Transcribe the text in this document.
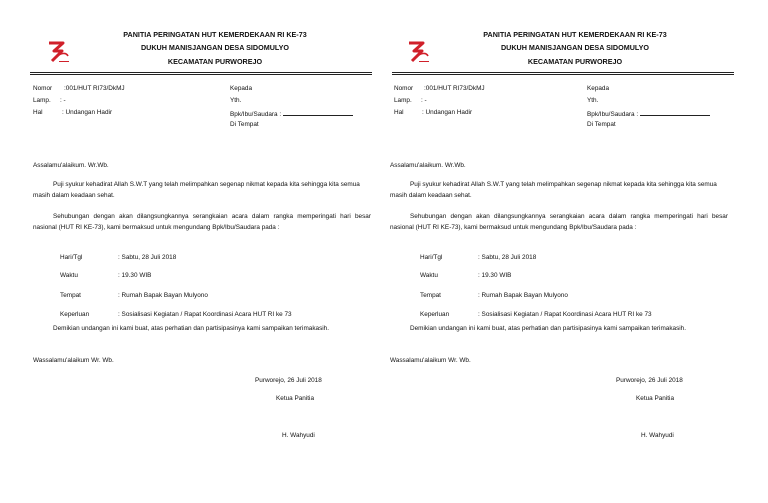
PANITIA PERINGATAN HUT KEMERDEKAAN RI KE-73
DUKUH MANISJANGAN DESA SIDOMULYO
KECAMATAN PURWOREJO
Nomor :001/HUT RI73/DkMJ
Lamp. : -
Hal	: Undangan Hadir
Kepada
Yth.
Bpk/Ibu/Saudara :
Di Tempat
Assalamu'alaikum. Wr.Wb.
Puji syukur kehadirat Allah S.W.T yang telah melimpahkan segenap nikmat kepada kita sehingga kita semua masih dalam keadaan sehat.
Sehubungan dengan akan dilangsungkannya serangkaian acara dalam rangka memperingati hari besar nasional (HUT RI KE-73), kami bermaksud untuk mengundang Bpk/Ibu/Saudara pada :
Hari/Tgl	: Sabtu, 28 Juli 2018
Waktu	: 19.30 WIB
Tempat	: Rumah Bapak Bayan Mulyono
Keperluan	: Sosialisasi Kegiatan / Rapat Koordinasi Acara HUT RI ke 73
Demikian undangan ini kami buat, atas perhatian dan partisipasinya kami sampaikan terimakasih.
Wassalamu'alaikum Wr. Wb.
Purworejo, 26 Juli 2018
Ketua Panitia
H. Wahyudi
PANITIA PERINGATAN HUT KEMERDEKAAN RI KE-73
DUKUH MANISJANGAN DESA SIDOMULYO
KECAMATAN PURWOREJO
Nomor :001/HUT RI73/DkMJ
Lamp. : -
Hal	: Undangan Hadir
Kepada
Yth.
Bpk/Ibu/Saudara :
Di Tempat
Assalamu'alaikum. Wr.Wb.
Puji syukur kehadirat Allah S.W.T yang telah melimpahkan segenap nikmat kepada kita sehingga kita semua masih dalam keadaan sehat.
Sehubungan dengan akan dilangsungkannya serangkaian acara dalam rangka memperingati hari besar nasional (HUT RI KE-73), kami bermaksud untuk mengundang Bpk/Ibu/Saudara pada :
Hari/Tgl	: Sabtu, 28 Juli 2018
Waktu	: 19.30 WIB
Tempat	: Rumah Bapak Bayan Mulyono
Keperluan	: Sosialisasi Kegiatan / Rapat Koordinasi Acara HUT RI ke 73
Demikian undangan ini kami buat, atas perhatian dan partisipasinya kami sampaikan terimakasih.
Wassalamu'alaikum Wr. Wb.
Purworejo, 26 Juli 2018
Ketua Panitia
H. Wahyudi
